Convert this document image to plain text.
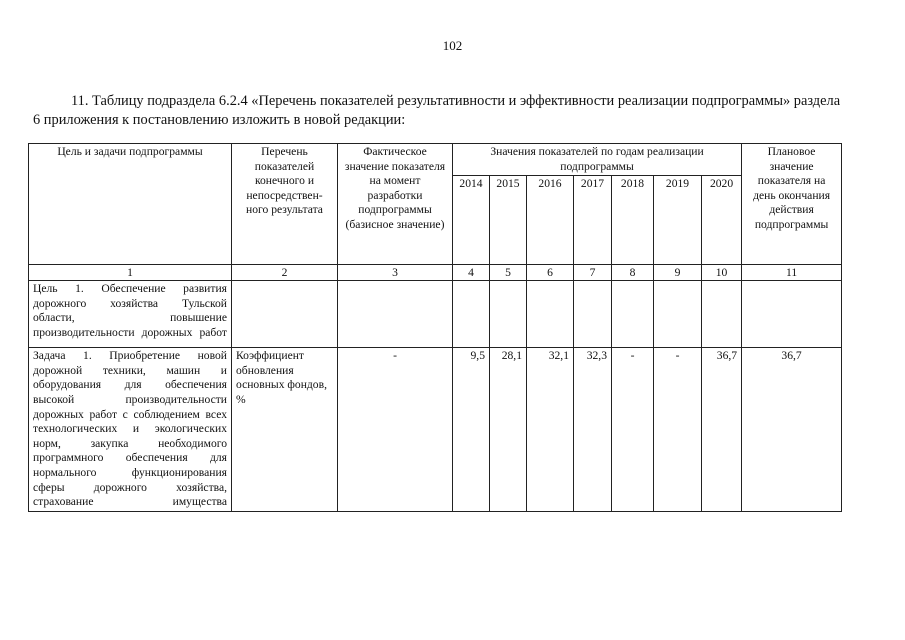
102
11. Таблицу подраздела 6.2.4 «Перечень показателей результативности и эффективности реализации подпрограммы» раздела
6 приложения к постановлению изложить в новой редакции:
Цель и задачи подпрограммы	Перечень показателей конечного и непосредствен-ного результата	Фактическое значение показателя на момент разработки подпрограммы (базисное значение)	Значения показателей по годам реализации подпрограммы							Плановое значение показателя на день окончания действия подпрограммы
			2014	2015	2016	2017	2018	2019	2020	
1	2	3	4	5	6	7	8	9	10	11
Цель 1. Обеспечение развития дорожного хозяйства Тульской области, повышение производительности дорожных работ										
Задача 1. Приобретение новой дорожной техники, машин и оборудования для обеспечения высокой производительности дорожных работ с соблюдением всех технологических и экологических норм, закупка необходимого программного обеспечения для нормального функционирования сферы дорожного хозяйства, страхование имущества	Коэффициент обновления основных фондов, %	-	9,5	28,1	32,1	32,3	-	-	36,7	36,7
